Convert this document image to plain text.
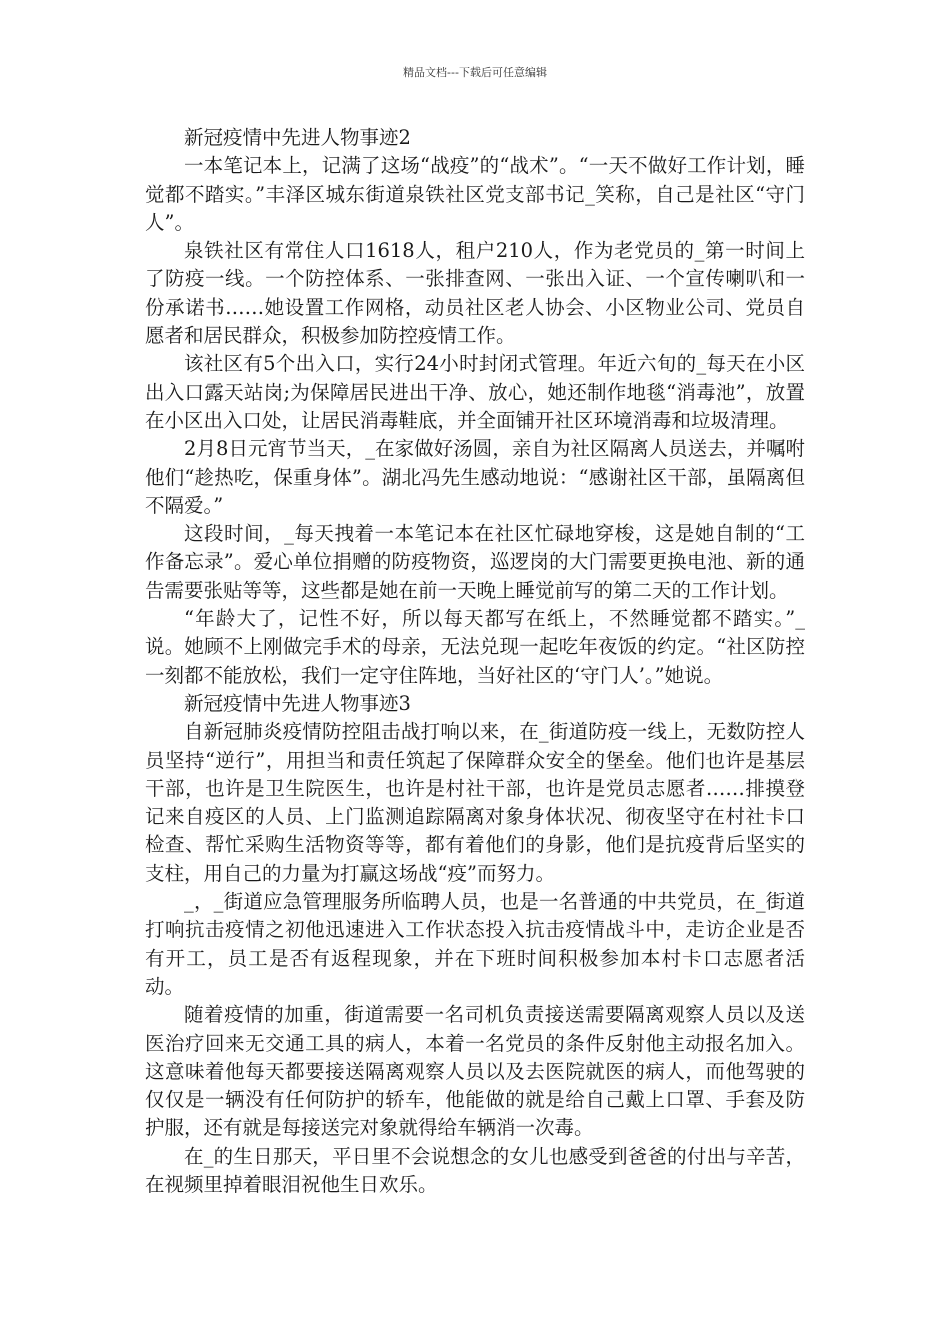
精品文档---下载后可任意编辑

新冠疫情中先进人物事迹2

一本笔记本上，记满了这场“战疫”的“战术”。“一天不做好工作计划，睡觉都不踏实。”丰泽区城东街道泉铁社区党支部书记_笑称，自己是社区“守门人”。

泉铁社区有常住人口1618人，租户210人，作为老党员的_第一时间上了防疫一线。一个防控体系、一张排查网、一张出入证、一个宣传喇叭和一份承诺书……她设置工作网格，动员社区老人协会、小区物业公司、党员自愿者和居民群众，积极参加防控疫情工作。

该社区有5个出入口，实行24小时封闭式管理。年近六旬的_每天在小区出入口露天站岗;为保障居民进出干净、放心，她还制作地毯“消毒池”，放置在小区出入口处，让居民消毒鞋底，并全面铺开社区环境消毒和垃圾清理。

2月8日元宵节当天，_在家做好汤圆，亲自为社区隔离人员送去，并嘱咐他们“趁热吃，保重身体”。湖北冯先生感动地说：“感谢社区干部，虽隔离但不隔爱。”

这段时间，_每天拽着一本笔记本在社区忙碌地穿梭，这是她自制的“工作备忘录”。爱心单位捐赠的防疫物资，巡逻岗的大门需要更换电池、新的通告需要张贴等等，这些都是她在前一天晚上睡觉前写的第二天的工作计划。

“年龄大了，记性不好，所以每天都写在纸上，不然睡觉都不踏实。”_说。她顾不上刚做完手术的母亲，无法兑现一起吃年夜饭的约定。“社区防控一刻都不能放松，我们一定守住阵地，当好社区的‘守门人’。”她说。

新冠疫情中先进人物事迹3

自新冠肺炎疫情防控阻击战打响以来，在_街道防疫一线上，无数防控人员坚持“逆行”，用担当和责任筑起了保障群众安全的堡垒。他们也许是基层干部，也许是卫生院医生，也许是村社干部，也许是党员志愿者……排摸登记来自疫区的人员、上门监测追踪隔离对象身体状况、彻夜坚守在村社卡口检查、帮忙采购生活物资等等，都有着他们的身影，他们是抗疫背后坚实的支柱，用自己的力量为打赢这场战“疫”而努力。

_，_街道应急管理服务所临聘人员，也是一名普通的中共党员，在_街道打响抗击疫情之初他迅速进入工作状态投入抗击疫情战斗中，走访企业是否有开工，员工是否有返程现象，并在下班时间积极参加本村卡口志愿者活动。

随着疫情的加重，街道需要一名司机负责接送需要隔离观察人员以及送医治疗回来无交通工具的病人，本着一名党员的条件反射他主动报名加入。这意味着他每天都要接送隔离观察人员以及去医院就医的病人，而他驾驶的仅仅是一辆没有任何防护的轿车，他能做的就是给自己戴上口罩、手套及防护服，还有就是每接送完对象就得给车辆消一次毒。

在_的生日那天，平日里不会说想念的女儿也感受到爸爸的付出与辛苦，在视频里掉着眼泪祝他生日欢乐。
